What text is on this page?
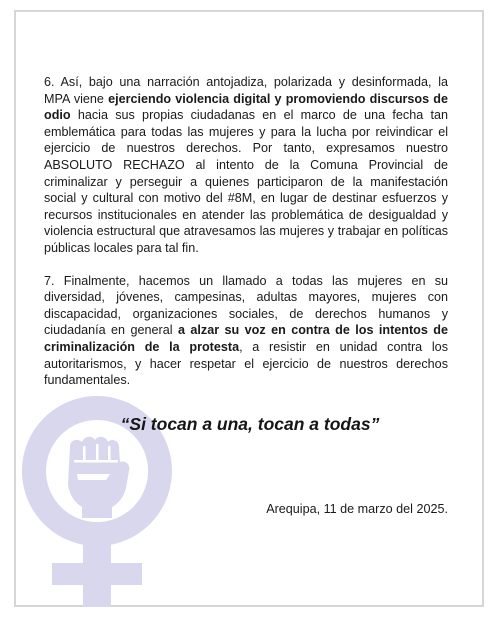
6. Así, bajo una narración antojadiza, polarizada y desinformada, la MPA viene ejerciendo violencia digital y promoviendo discursos de odio hacia sus propias ciudadanas en el marco de una fecha tan emblemática para todas las mujeres y para la lucha por reivindicar el ejercicio de nuestros derechos. Por tanto, expresamos nuestro ABSOLUTO RECHAZO al intento de la Comuna Provincial de criminalizar y perseguir a quienes participaron de la manifestación social y cultural con motivo del #8M, en lugar de destinar esfuerzos y recursos institucionales en atender las problemática de desigualdad y violencia estructural que atravesamos las mujeres y trabajar en políticas públicas locales para tal fin.

7. Finalmente, hacemos un llamado a todas las mujeres en su diversidad, jóvenes, campesinas, adultas mayores, mujeres con discapacidad, organizaciones sociales, de derechos humanos y ciudadanía en general a alzar su voz en contra de los intentos de criminalización de la protesta, a resistir en unidad contra los autoritarismos, y hacer respetar el ejercicio de nuestros derechos fundamentales.

“Si tocan a una, tocan a todas”
Arequipa, 11 de marzo del 2025.
